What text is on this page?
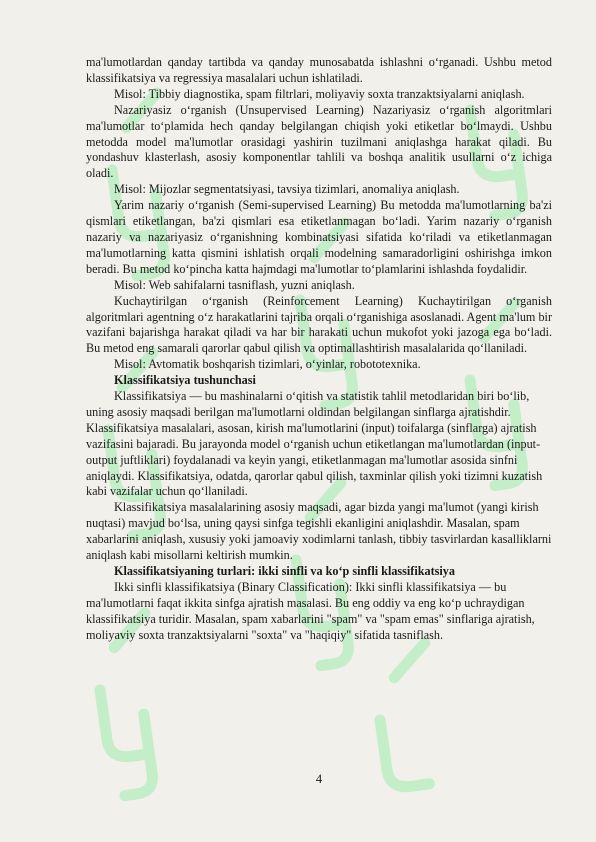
ma'lumotlardan qanday tartibda va qanday munosabatda ishlashni o‘rganadi. Ushbu metod klassifikatsiya va regressiya masalalari uchun ishlatiladi.

Misol: Tibbiy diagnostika, spam filtrlari, moliyaviy soxta tranzaktsiyalarni aniqlash.

Nazariyasiz o‘rganish (Unsupervised Learning) Nazariyasiz o‘rganish algoritmlari ma'lumotlar to‘plamida hech qanday belgilangan chiqish yoki etiketlar bo‘lmaydi. Ushbu metodda model ma'lumotlar orasidagi yashirin tuzilmani aniqlashga harakat qiladi. Bu yondashuv klasterlash, asosiy komponentlar tahlili va boshqa analitik usullarni o‘z ichiga oladi.

Misol: Mijozlar segmentatsiyasi, tavsiya tizimlari, anomaliya aniqlash.

Yarim nazariy o‘rganish (Semi-supervised Learning) Bu metodda ma'lumotlarning ba'zi qismlari etiketlangan, ba'zi qismlari esa etiketlanmagan bo‘ladi. Yarim nazariy o‘rganish nazariy va nazariyasiz o‘rganishning kombinatsiyasi sifatida ko‘riladi va etiketlanmagan ma'lumotlarning katta qismini ishlatish orqali modelning samaradorligini oshirishga imkon beradi. Bu metod ko‘pincha katta hajmdagi ma'lumotlar to‘plamlarini ishlashda foydalidir.

Misol: Web sahifalarni tasniflash, yuzni aniqlash.

Kuchaytirilgan o‘rganish (Reinforcement Learning) Kuchaytirilgan o‘rganish algoritmlari agentning o‘z harakatlarini tajriba orqali o‘rganishiga asoslanadi. Agent ma'lum bir vazifani bajarishga harakat qiladi va har bir harakati uchun mukofot yoki jazoga ega bo‘ladi. Bu metod eng samarali qarorlar qabul qilish va optimallashtirish masalalarida qo‘llaniladi.

Misol: Avtomatik boshqarish tizimlari, o‘yinlar, robototexnika.

Klassifikatsiya tushunchasi

Klassifikatsiya — bu mashinalarni o‘qitish va statistik tahlil metodlaridan biri bo‘lib, uning asosiy maqsadi berilgan ma'lumotlarni oldindan belgilangan sinflarga ajratishdir. Klassifikatsiya masalalari, asosan, kirish ma'lumotlarini (input) toifalarga (sinflarga) ajratish vazifasini bajaradi. Bu jarayonda model o‘rganish uchun etiketlangan ma'lumotlardan (input-output juftliklari) foydalanadi va keyin yangi, etiketlanmagan ma'lumotlar asosida sinfni aniqlaydi. Klassifikatsiya, odatda, qarorlar qabul qilish, taxminlar qilish yoki tizimni kuzatish kabi vazifalar uchun qo‘llaniladi.

Klassifikatsiya masalalarining asosiy maqsadi, agar bizda yangi ma'lumot (yangi kirish nuqtasi) mavjud bo‘lsa, uning qaysi sinfga tegishli ekanligini aniqlashdir. Masalan, spam xabarlarini aniqlash, xususiy yoki jamoaviy xodimlarni tanlash, tibbiy tasvirlardan kasalliklarni aniqlash kabi misollarni keltirish mumkin.

Klassifikatsiyaning turlari: ikki sinfli va ko‘p sinfli klassifikatsiya

Ikki sinfli klassifikatsiya (Binary Classification): Ikki sinfli klassifikatsiya — bu ma'lumotlarni faqat ikkita sinfga ajratish masalasi. Bu eng oddiy va eng ko‘p uchraydigan klassifikatsiya turidir. Masalan, spam xabarlarini "spam" va "spam emas" sinflariga ajratish, moliyaviy soxta tranzaktsiyalarni "soxta" va "haqiqiy" sifatida tasniflash.

4
